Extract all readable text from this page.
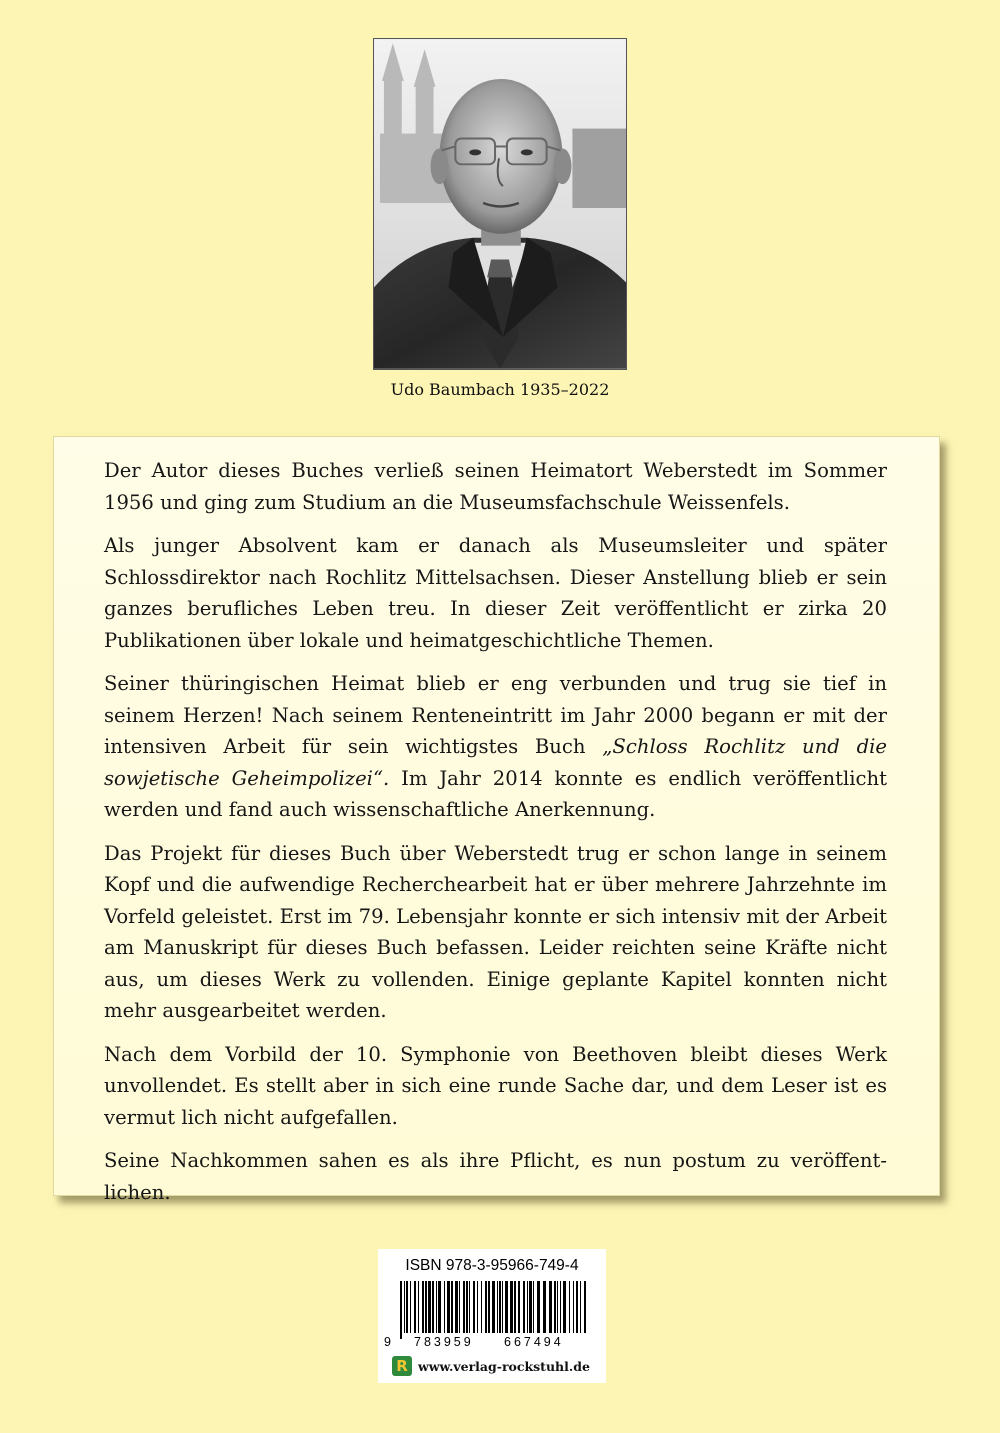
Udo Baumbach 1935–2022

Der Autor dieses Buches verließ seinen Heimatort Weberstedt im Sommer 1956 und ging zum Studium an die Museumsfachschule Weissenfels.

Als junger Absolvent kam er danach als Museumsleiter und später Schlossdirektor nach Rochlitz Mittelsachsen. Dieser Anstellung blieb er sein ganzes berufliches Leben treu. In dieser Zeit veröffentlicht er zirka 20 Publikationen über lokale und heimatgeschichtliche Themen.

Seiner thüringischen Heimat blieb er eng verbunden und trug sie tief in seinem Herzen! Nach seinem Renteneintritt im Jahr 2000 begann er mit der intensiven Arbeit für sein wichtigstes Buch „Schloss Rochlitz und die sowjetische Geheimpolizei“. Im Jahr 2014 konnte es endlich veröffentlicht werden und fand auch wissenschaftliche Anerkennung.

Das Projekt für dieses Buch über Weberstedt trug er schon lange in seinem Kopf und die aufwendige Recherchearbeit hat er über mehrere Jahrzehnte im Vorfeld geleistet. Erst im 79. Lebensjahr konnte er sich intensiv mit der Arbeit am Manuskript für dieses Buch befassen. Leider reichten seine Kräfte nicht aus, um dieses Werk zu vollenden. Einige geplante Kapitel konnten nicht mehr ausgearbeitet werden.

Nach dem Vorbild der 10. Symphonie von Beethoven bleibt dieses Werk unvollendet. Es stellt aber in sich eine runde Sache dar, und dem Leser ist es vermut lich nicht aufgefallen.

Seine Nachkommen sahen es als ihre Pflicht, es nun postum zu veröffentlichen.

ISBN 978-3-95966-749-4
9 783959 667494
R www.verlag-rockstuhl.de
